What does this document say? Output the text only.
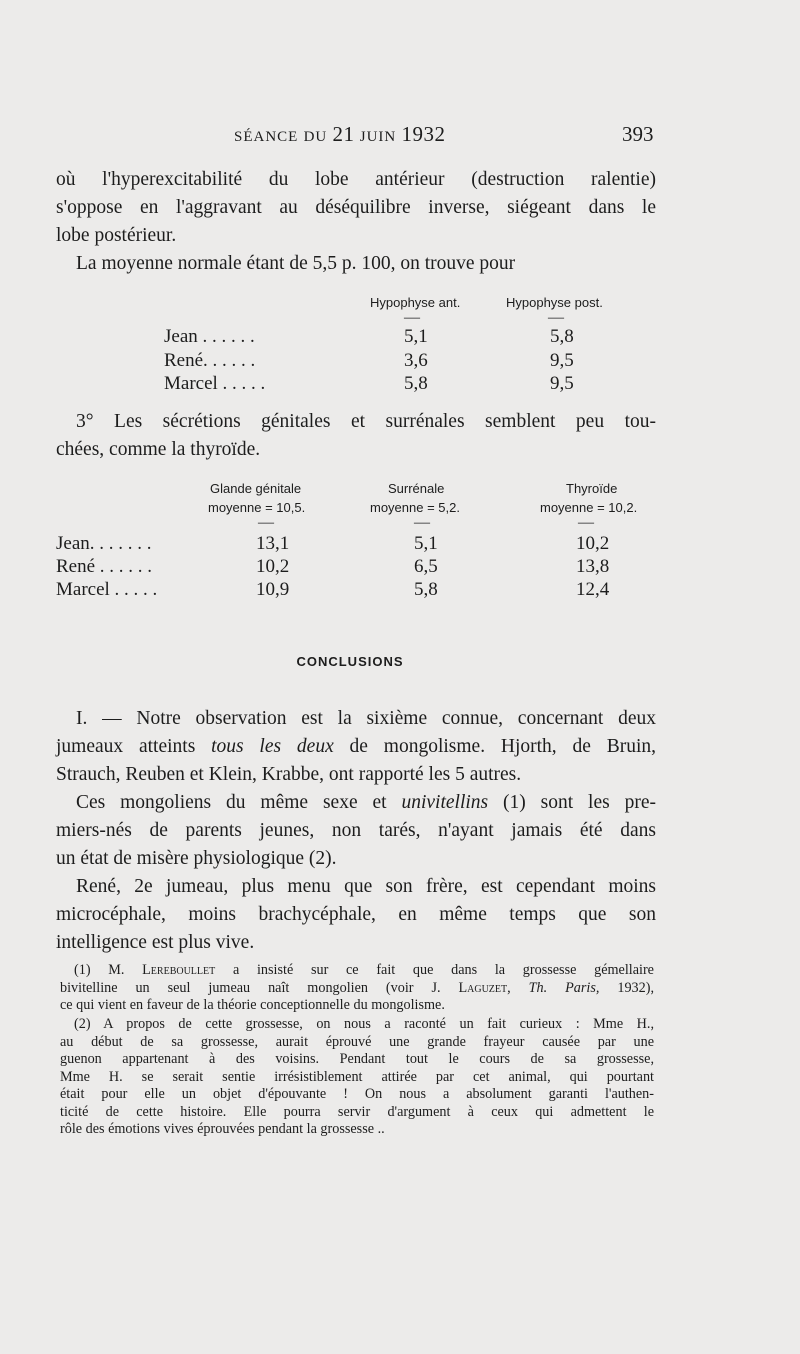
SÉANCE DU 21 JUIN 1932	393
où l'hyperexcitabilité du lobe antérieur (destruction ralentie)
s'oppose en l'aggravant au déséquilibre inverse, siégeant dans le
lobe postérieur.
La moyenne normale étant de 5,5 p. 100, on trouve pour
Hypophyse ant.	Hypophyse post.
—	—
Jean . . . . . .	5,1	5,8
René. . . . . .	3,6	9,5
Marcel . . . . .	5,8	9,5
3° Les sécrétions génitales et surrénales semblent peu tou-
chées, comme la thyroïde.
Glande génitale
moyenne = 10,5.
Surrénale
moyenne = 5,2.
Thyroïde
moyenne = 10,2.
—	—	—
Jean. . . . . . .	13,1	5,1	10,2
René . . . . . .	10,2	6,5	13,8
Marcel . . . . .	10,9	5,8	12,4
CONCLUSIONS
I. — Notre observation est la sixième connue, concernant deux
jumeaux atteints tous les deux de mongolisme. Hjorth, de Bruin,
Strauch, Reuben et Klein, Krabbe, ont rapporté les 5 autres.
Ces mongoliens du même sexe et univitellins (1) sont les pre-
miers-nés de parents jeunes, non tarés, n'ayant jamais été dans
un état de misère physiologique (2).
René, 2e jumeau, plus menu que son frère, est cependant moins
microcéphale, moins brachycéphale, en même temps que son
intelligence est plus vive.
(1) M. Lereboullet a insisté sur ce fait que dans la grossesse gémellaire
bivitelline un seul jumeau naît mongolien (voir J. Laguzet, Th. Paris, 1932),
ce qui vient en faveur de la théorie conceptionnelle du mongolisme.
(2) A propos de cette grossesse, on nous a raconté un fait curieux : Mme H.,
au début de sa grossesse, aurait éprouvé une grande frayeur causée par une
guenon appartenant à des voisins. Pendant tout le cours de sa grossesse,
Mme H. se serait sentie irrésistiblement attirée par cet animal, qui pourtant
était pour elle un objet d'épouvante ! On nous a absolument garanti l'authen-
ticité de cette histoire. Elle pourra servir d'argument à ceux qui admettent le
rôle des émotions vives éprouvées pendant la grossesse ..
